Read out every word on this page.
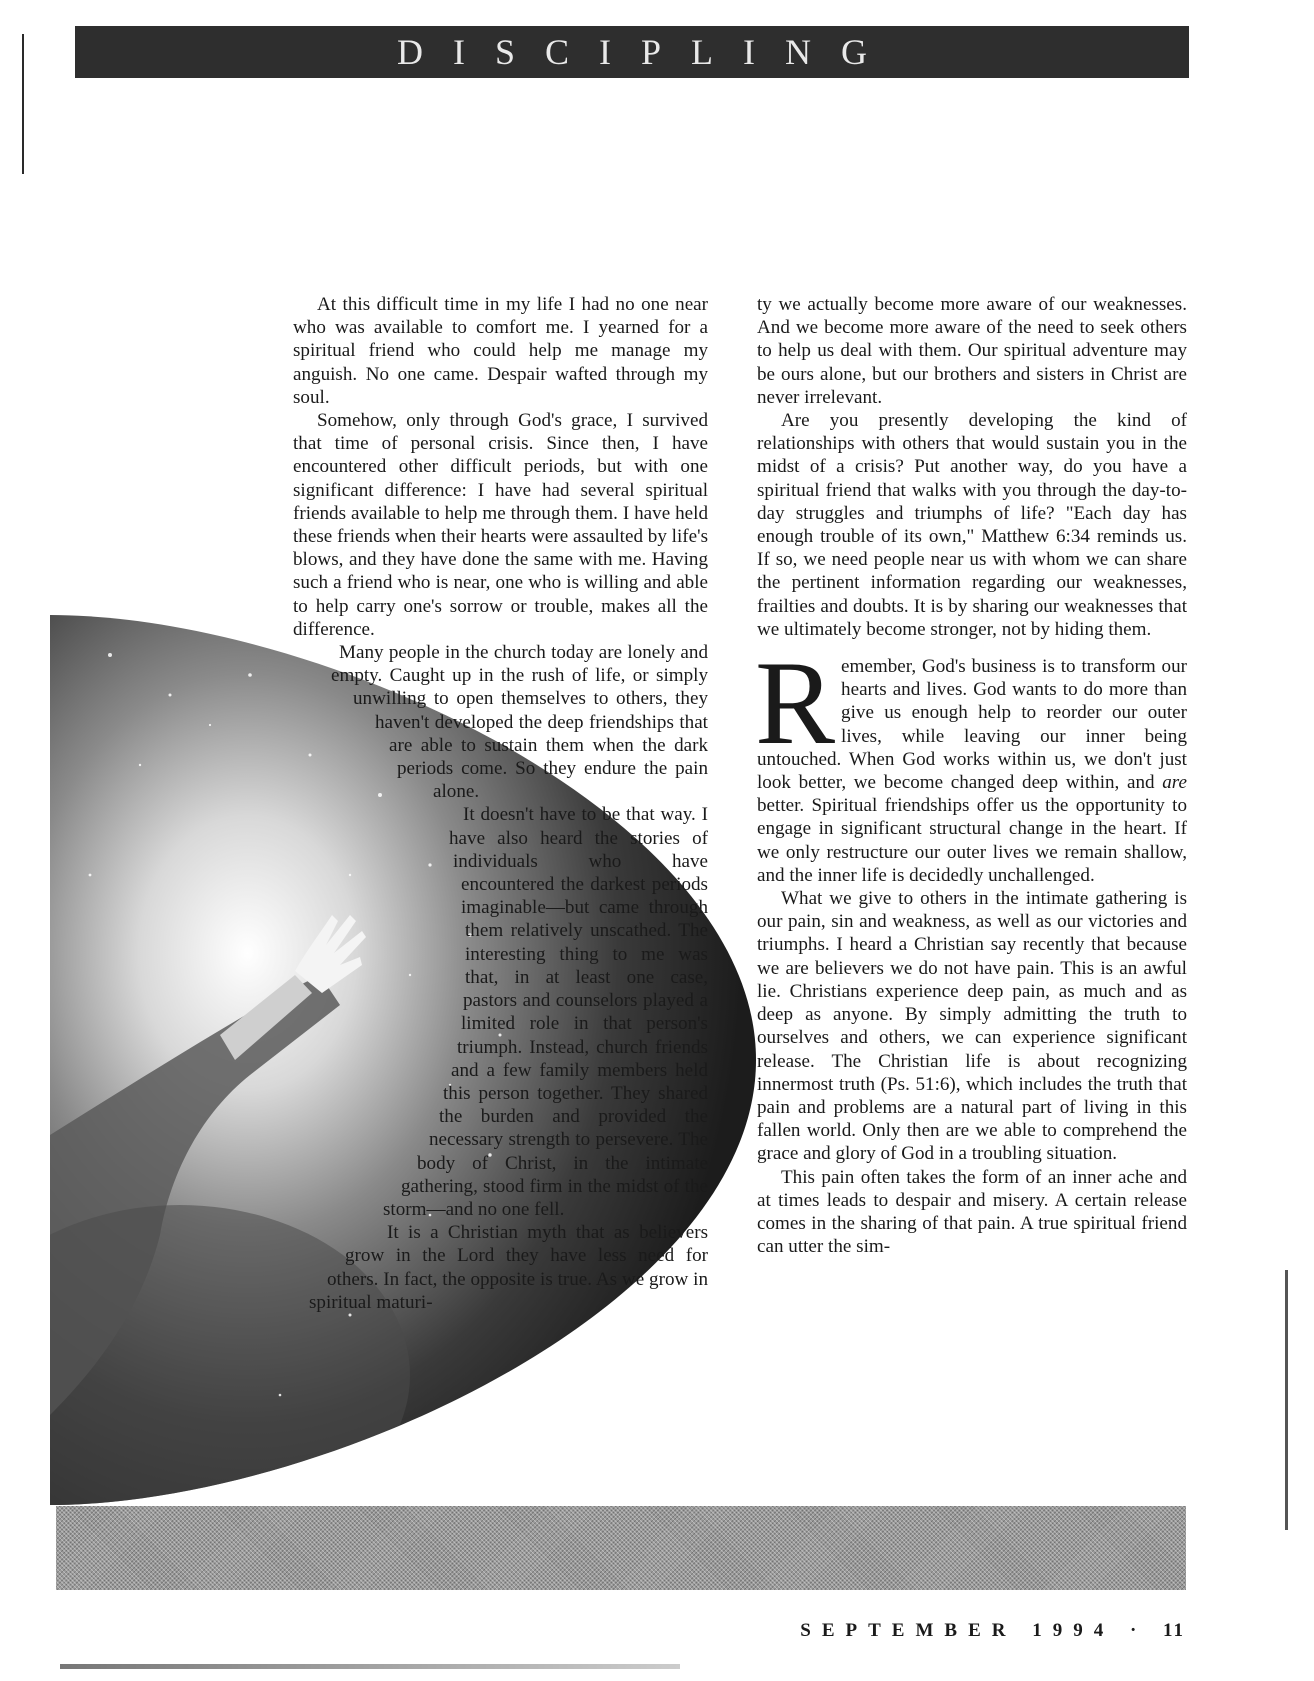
DISCIPLING

At this difficult time in my life I had no one near who was available to comfort me. I yearned for a spiritual friend who could help me manage my anguish. No one came. Despair wafted through my soul.

Somehow, only through God's grace, I survived that time of personal crisis. Since then, I have encountered other difficult periods, but with one significant difference: I have had several spiritual friends available to help me through them. I have held these friends when their hearts were assaulted by life's blows, and they have done the same with me. Having such a friend who is near, one who is willing and able to help carry one's sorrow or trouble, makes all the difference.

Many people in the church today are lonely and empty. Caught up in the rush of life, or simply unwilling to open themselves to others, they haven't developed the deep friendships that are able to sustain them when the dark periods come. So they endure the pain alone.

It doesn't have to be that way. I have also heard the stories of individuals who have encountered the darkest periods imaginable—but came through them relatively unscathed. The interesting thing to me was that, in at least one case, pastors and counselors played a limited role in that person's triumph. Instead, church friends and a few family members held this person together. They shared the burden and provided the necessary strength to persevere. The body of Christ, in the intimate gathering, stood firm in the midst of the storm—and no one fell.

It is a Christian myth that as believers grow in the Lord they have less need for others. In fact, the opposite is true. As we grow in spiritual maturi-

ty we actually become more aware of our weaknesses. And we become more aware of the need to seek others to help us deal with them. Our spiritual adventure may be ours alone, but our brothers and sisters in Christ are never irrelevant.

Are you presently developing the kind of relationships with others that would sustain you in the midst of a crisis? Put another way, do you have a spiritual friend that walks with you through the day-to-day struggles and triumphs of life? "Each day has enough trouble of its own," Matthew 6:34 reminds us. If so, we need people near us with whom we can share the pertinent information regarding our weaknesses, frailties and doubts. It is by sharing our weaknesses that we ultimately become stronger, not by hiding them.

Remember, God's business is to transform our hearts and lives. God wants to do more than give us enough help to reorder our outer lives, while leaving our inner being untouched. When God works within us, we don't just look better, we become changed deep within, and are better. Spiritual friendships offer us the opportunity to engage in significant structural change in the heart. If we only restructure our outer lives we remain shallow, and the inner life is decidedly unchallenged.

What we give to others in the intimate gathering is our pain, sin and weakness, as well as our victories and triumphs. I heard a Christian say recently that because we are believers we do not have pain. This is an awful lie. Christians experience deep pain, as much and as deep as anyone. By simply admitting the truth to ourselves and others, we can experience significant release. The Christian life is about recognizing innermost truth (Ps. 51:6), which includes the truth that pain and problems are a natural part of living in this fallen world. Only then are we able to comprehend the grace and glory of God in a troubling situation.

This pain often takes the form of an inner ache and at times leads to despair and misery. A certain release comes in the sharing of that pain. A true spiritual friend can utter the sim-

SEPTEMBER 1994 · 11
